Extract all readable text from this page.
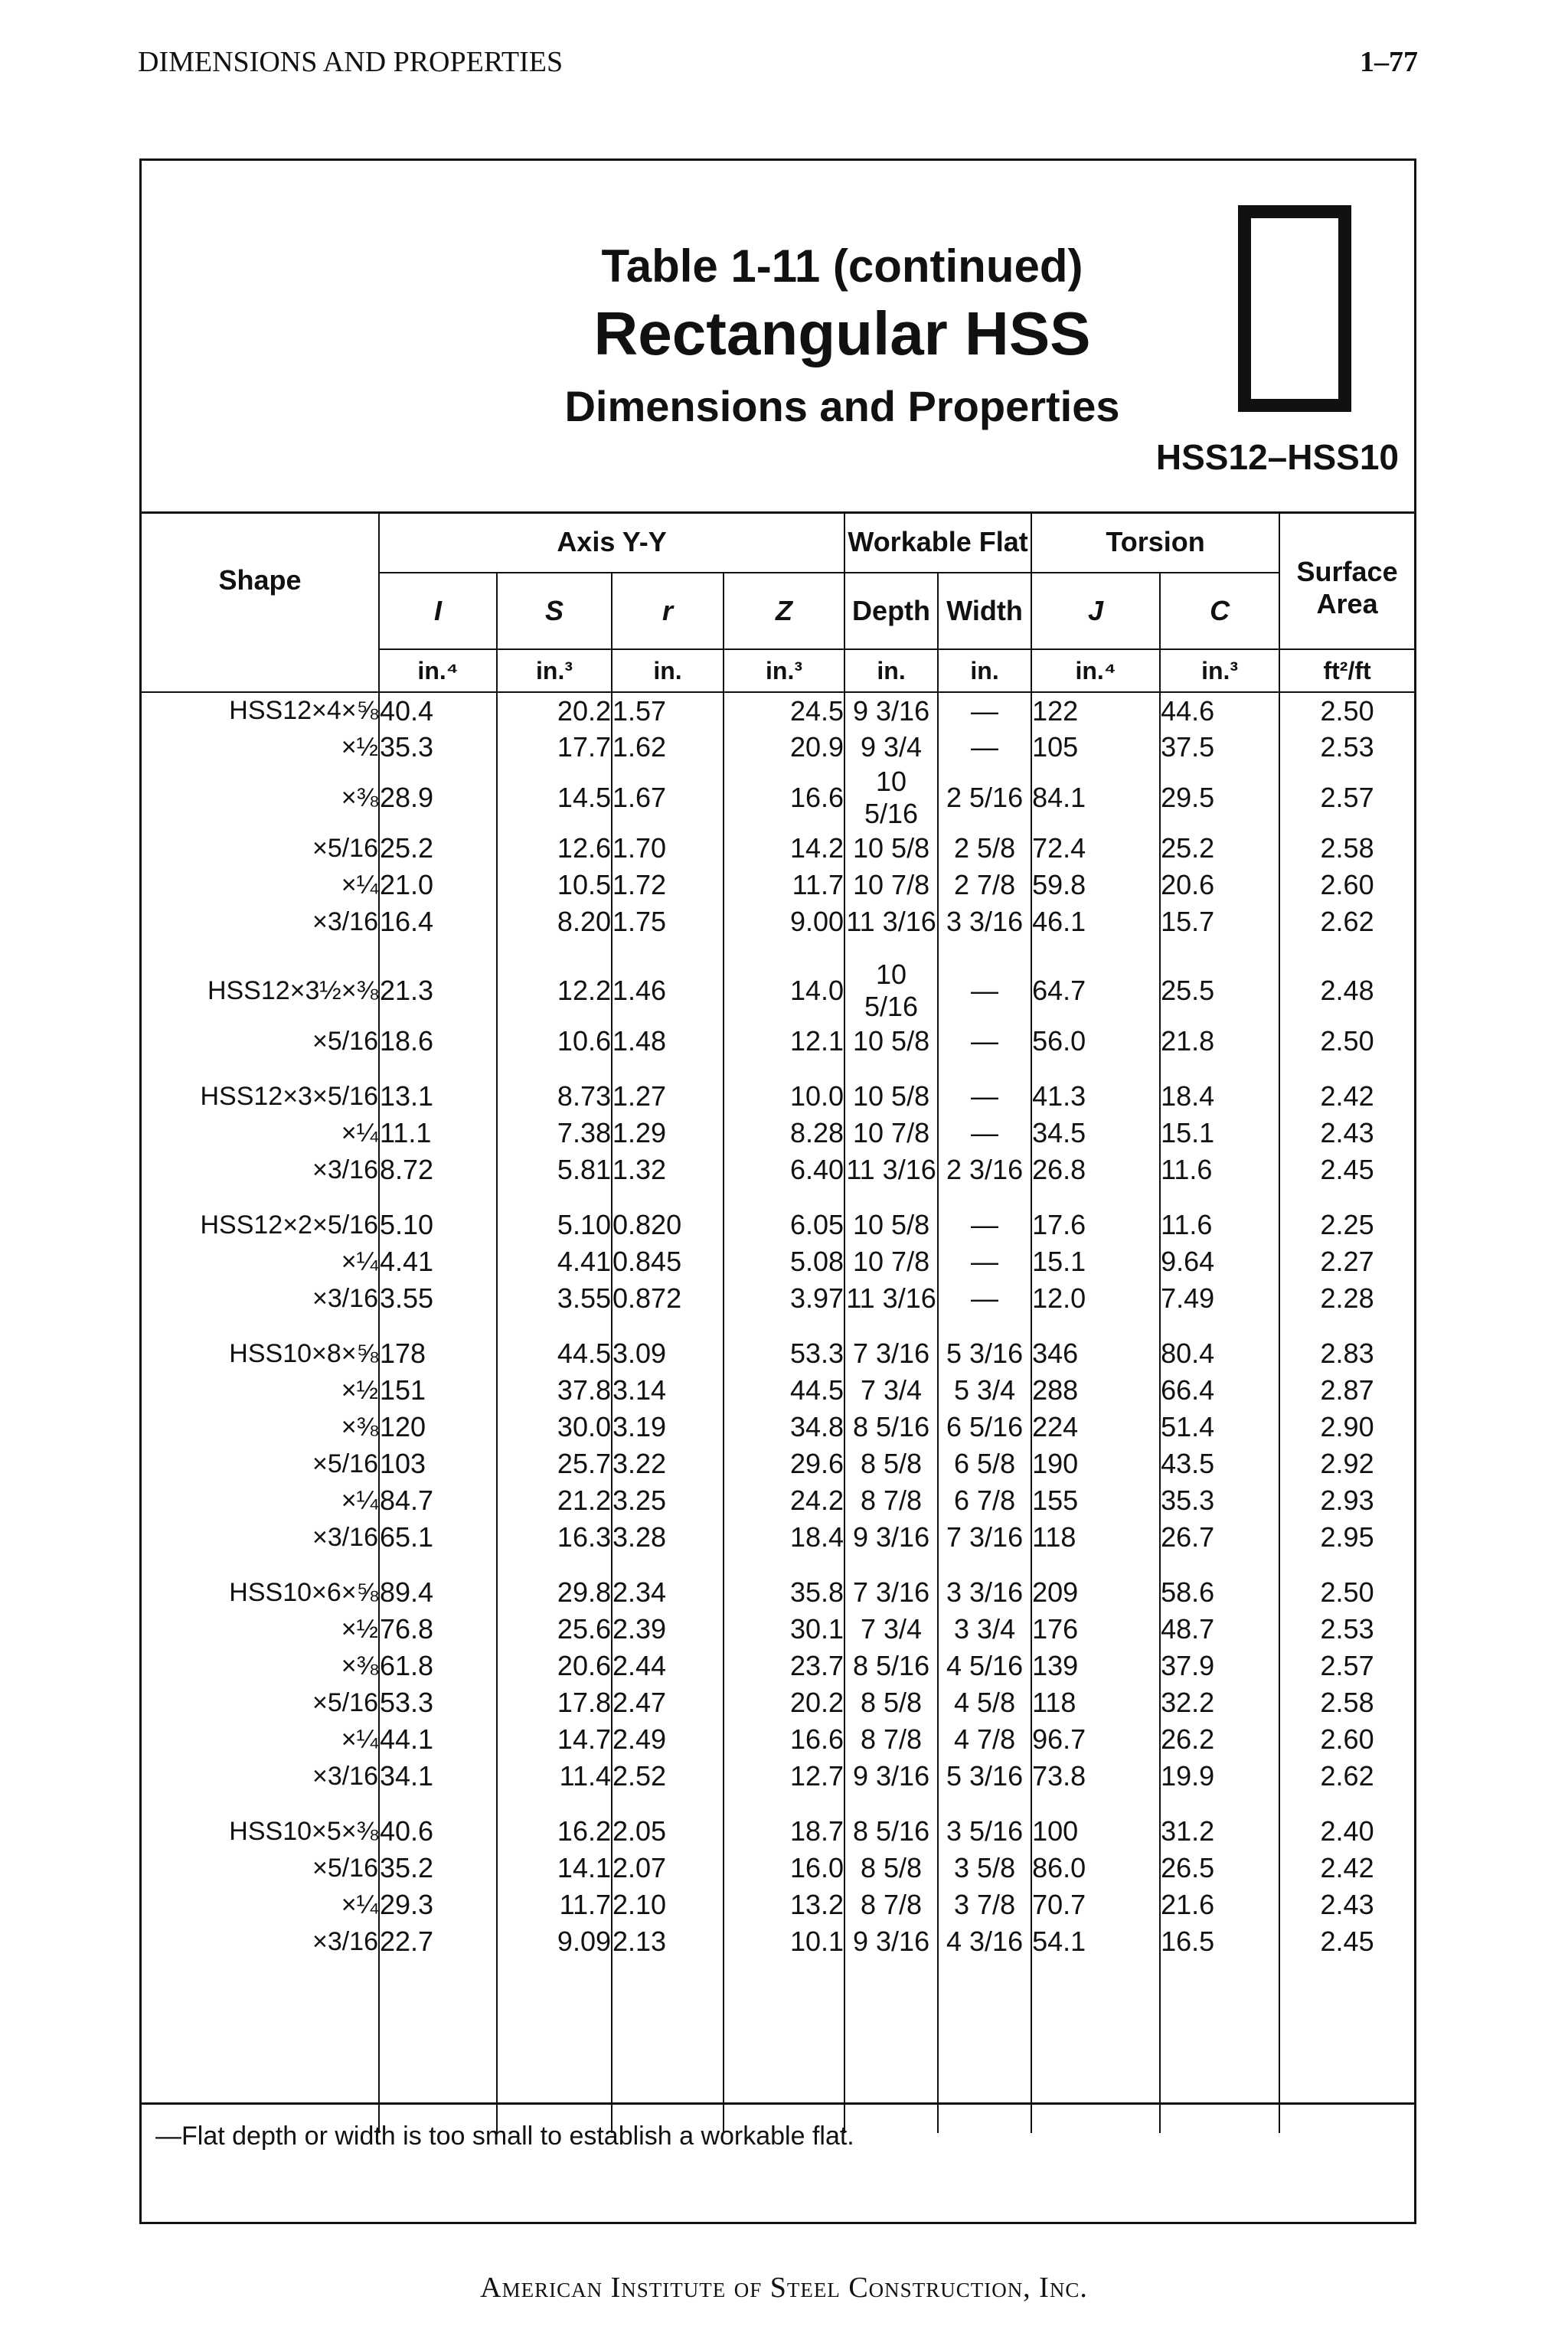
DIMENSIONS AND PROPERTIES	1–77
Table 1-11 (continued)
Rectangular HSS
Dimensions and Properties
HSS12–HSS10
Shape	Axis Y-Y				Workable Flat		Torsion		Surface Area
	I	S	r	Z	Depth	Width	J	C	
	in.⁴	in.³	in.	in.³	in.	in.	in.⁴	in.³	ft²/ft
HSS12×4×⅝	40.4	20.2	1.57	24.5	9 3/16	—	122	44.6	2.50
×½	35.3	17.7	1.62	20.9	9 3/4	—	105	37.5	2.53
×⅜	28.9	14.5	1.67	16.6	10 5/16	2 5/16	84.1	29.5	2.57
×5/16	25.2	12.6	1.70	14.2	10 5/8	2 5/8	72.4	25.2	2.58
×¼	21.0	10.5	1.72	11.7	10 7/8	2 7/8	59.8	20.6	2.60
×3/16	16.4	8.20	1.75	9.00	11 3/16	3 3/16	46.1	15.7	2.62

HSS12×3½×⅜	21.3	12.2	1.46	14.0	10 5/16	—	64.7	25.5	2.48
×5/16	18.6	10.6	1.48	12.1	10 5/8	—	56.0	21.8	2.50

HSS12×3×5/16	13.1	8.73	1.27	10.0	10 5/8	—	41.3	18.4	2.42
×¼	11.1	7.38	1.29	8.28	10 7/8	—	34.5	15.1	2.43
×3/16	8.72	5.81	1.32	6.40	11 3/16	2 3/16	26.8	11.6	2.45

HSS12×2×5/16	5.10	5.10	0.820	6.05	10 5/8	—	17.6	11.6	2.25
×¼	4.41	4.41	0.845	5.08	10 7/8	—	15.1	9.64	2.27
×3/16	3.55	3.55	0.872	3.97	11 3/16	—	12.0	7.49	2.28

HSS10×8×⅝	178	44.5	3.09	53.3	7 3/16	5 3/16	346	80.4	2.83
×½	151	37.8	3.14	44.5	7 3/4	5 3/4	288	66.4	2.87
×⅜	120	30.0	3.19	34.8	8 5/16	6 5/16	224	51.4	2.90
×5/16	103	25.7	3.22	29.6	8 5/8	6 5/8	190	43.5	2.92
×¼	84.7	21.2	3.25	24.2	8 7/8	6 7/8	155	35.3	2.93
×3/16	65.1	16.3	3.28	18.4	9 3/16	7 3/16	118	26.7	2.95

HSS10×6×⅝	89.4	29.8	2.34	35.8	7 3/16	3 3/16	209	58.6	2.50
×½	76.8	25.6	2.39	30.1	7 3/4	3 3/4	176	48.7	2.53
×⅜	61.8	20.6	2.44	23.7	8 5/16	4 5/16	139	37.9	2.57
×5/16	53.3	17.8	2.47	20.2	8 5/8	4 5/8	118	32.2	2.58
×¼	44.1	14.7	2.49	16.6	8 7/8	4 7/8	96.7	26.2	2.60
×3/16	34.1	11.4	2.52	12.7	9 3/16	5 3/16	73.8	19.9	2.62

HSS10×5×⅜	40.6	16.2	2.05	18.7	8 5/16	3 5/16	100	31.2	2.40
×5/16	35.2	14.1	2.07	16.0	8 5/8	3 5/8	86.0	26.5	2.42
×¼	29.3	11.7	2.10	13.2	8 7/8	3 7/8	70.7	21.6	2.43
×3/16	22.7	9.09	2.13	10.1	9 3/16	4 3/16	54.1	16.5	2.45

—Flat depth or width is too small to establish a workable flat.
American Institute of Steel Construction, Inc.
